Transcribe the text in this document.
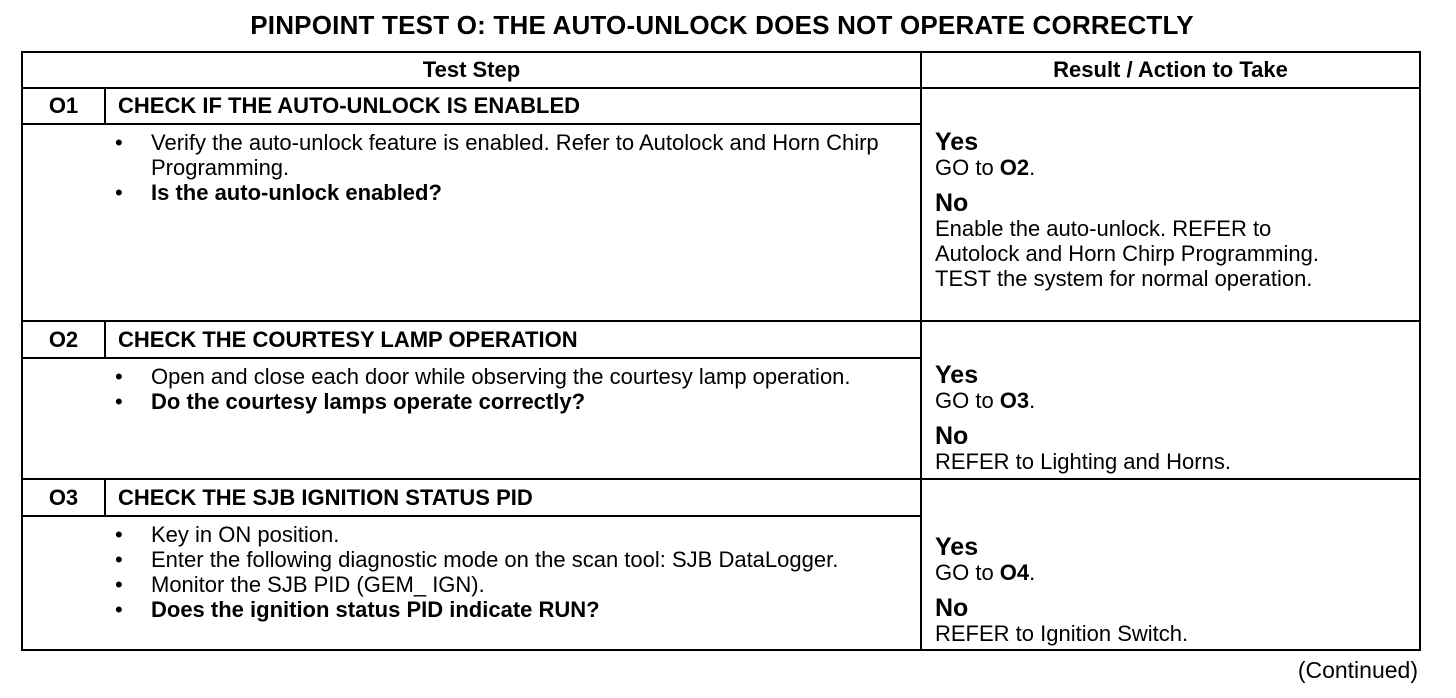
PINPOINT TEST O: THE AUTO-UNLOCK DOES NOT OPERATE CORRECTLY
Test Step	Result / Action to Take
O1	CHECK IF THE AUTO-UNLOCK IS ENABLED
• Verify the auto-unlock feature is enabled. Refer to Autolock and Horn Chirp Programming.
• Is the auto-unlock enabled?
Yes
GO to O2.
No
Enable the auto-unlock. REFER to
Autolock and Horn Chirp Programming.
TEST the system for normal operation.
O2	CHECK THE COURTESY LAMP OPERATION
• Open and close each door while observing the courtesy lamp operation.
• Do the courtesy lamps operate correctly?
Yes
GO to O3.
No
REFER to Lighting and Horns.
O3	CHECK THE SJB IGNITION STATUS PID
• Key in ON position.
• Enter the following diagnostic mode on the scan tool: SJB DataLogger.
• Monitor the SJB PID (GEM_ IGN).
• Does the ignition status PID indicate RUN?
Yes
GO to O4.
No
REFER to Ignition Switch.
(Continued)
